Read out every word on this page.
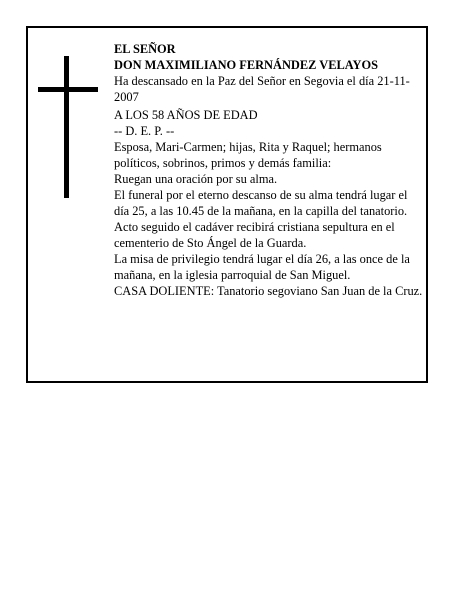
EL SEÑOR

DON MAXIMILIANO FERNÁNDEZ VELAYOS

Ha descansado en la Paz del Señor en Segovia el día 21-11-2007

A LOS 58 AÑOS DE EDAD

-- D. E. P. --

Esposa, Mari-Carmen; hijas, Rita y Raquel; hermanos políticos, sobrinos, primos y demás familia:

Ruegan una oración por su alma.

El funeral por el eterno descanso de su alma tendrá lugar el día 25, a las 10.45 de la mañana, en la capilla del tanatorio. Acto seguido el cadáver recibirá cristiana sepultura en el cementerio de Sto Ángel de la Guarda.

La misa de privilegio tendrá lugar el día 26, a las once de la mañana, en la iglesia parroquial de San Miguel.

CASA DOLIENTE: Tanatorio segoviano San Juan de la Cruz.
